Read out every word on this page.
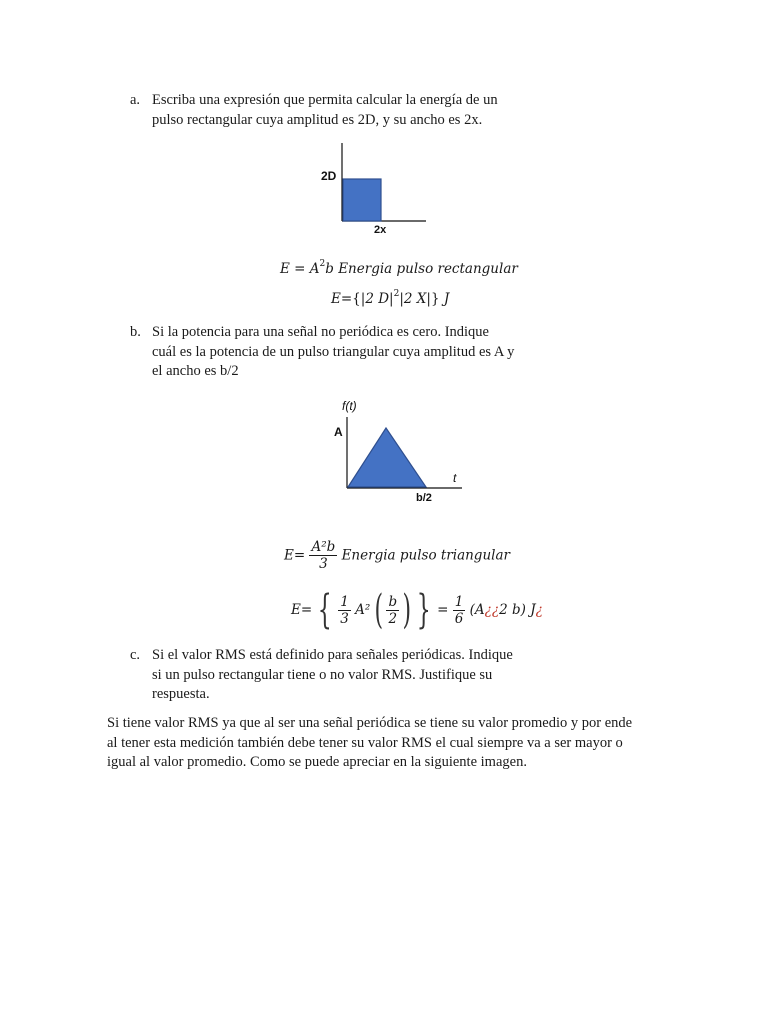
a. Escriba una expresión que permita calcular la energía de un
pulso rectangular cuya amplitud es 2D, y su ancho es 2x.
2D
2x
$E = A^2b$ Energia pulso rectangular
E={|2 $D|^2|2$ X|} J
b. Si la potencia para una señal no periódica es cero. Indique
cuál es la potencia de un pulso triangular cuya amplitud es A y
el ancho es b/2
f(t)
A
t
b/2
$E= \frac{\text{A²b}}{3}$ Energia pulso triangular
E= { $\frac{1}{3} A^2$ ( $\frac{b}{2}$ ) } = $\frac{1}{6}$ (A¿¿2 b) J¿
c. Si el valor RMS está definido para señales periódicas. Indique
si un pulso rectangular tiene o no valor RMS. Justifique su
respuesta.
Si tiene valor RMS ya que al ser una señal periódica se tiene su valor promedio y por ende
al tener esta medición también debe tener su valor RMS el cual siempre va a ser mayor o
igual al valor promedio. Como se puede apreciar en la siguiente imagen.
